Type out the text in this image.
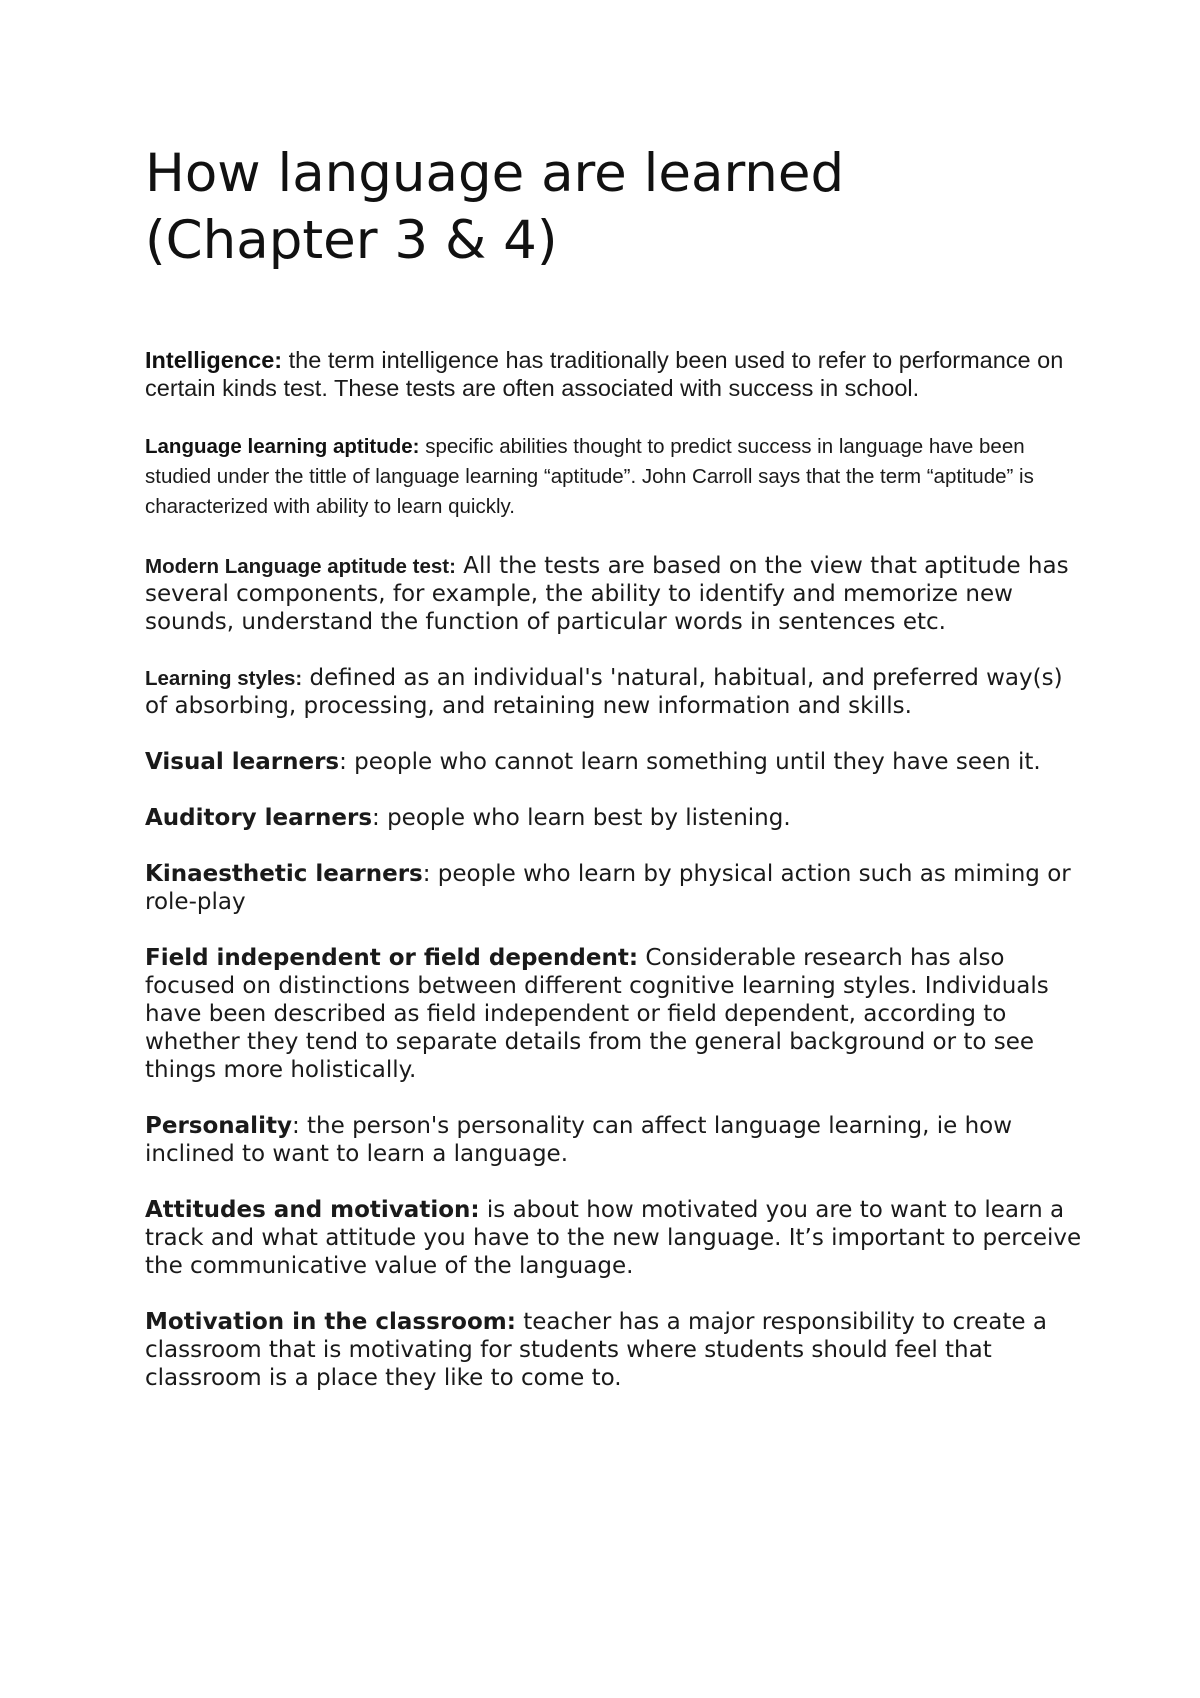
How language are learned
(Chapter 3 & 4)

Intelligence: the term intelligence has traditionally been used to refer to performance on certain kinds test. These tests are often associated with success in school.

Language learning aptitude: specific abilities thought to predict success in language have been studied under the tittle of language learning “aptitude”. John Carroll says that the term “aptitude” is characterized with ability to learn quickly.

Modern Language aptitude test: All the tests are based on the view that aptitude has several components, for example, the ability to identify and memorize new sounds, understand the function of particular words in sentences etc.

Learning styles: defined as an individual's 'natural, habitual, and preferred way(s) of absorbing, processing, and retaining new information and skills.

Visual learners: people who cannot learn something until they have seen it.

Auditory learners: people who learn best by listening.

Kinaesthetic learners: people who learn by physical action such as miming or role-play

Field independent or field dependent: Considerable research has also focused on distinctions between different cognitive learning styles. Individuals have been described as field independent or field dependent, according to whether they tend to separate details from the general background or to see things more holistically.

Personality: the person's personality can affect language learning, ie how inclined to want to learn a language.

Attitudes and motivation: is about how motivated you are to want to learn a track and what attitude you have to the new language. It’s important to perceive the communicative value of the language.

Motivation in the classroom: teacher has a major responsibility to create a classroom that is motivating for students where students should feel that classroom is a place they like to come to.
